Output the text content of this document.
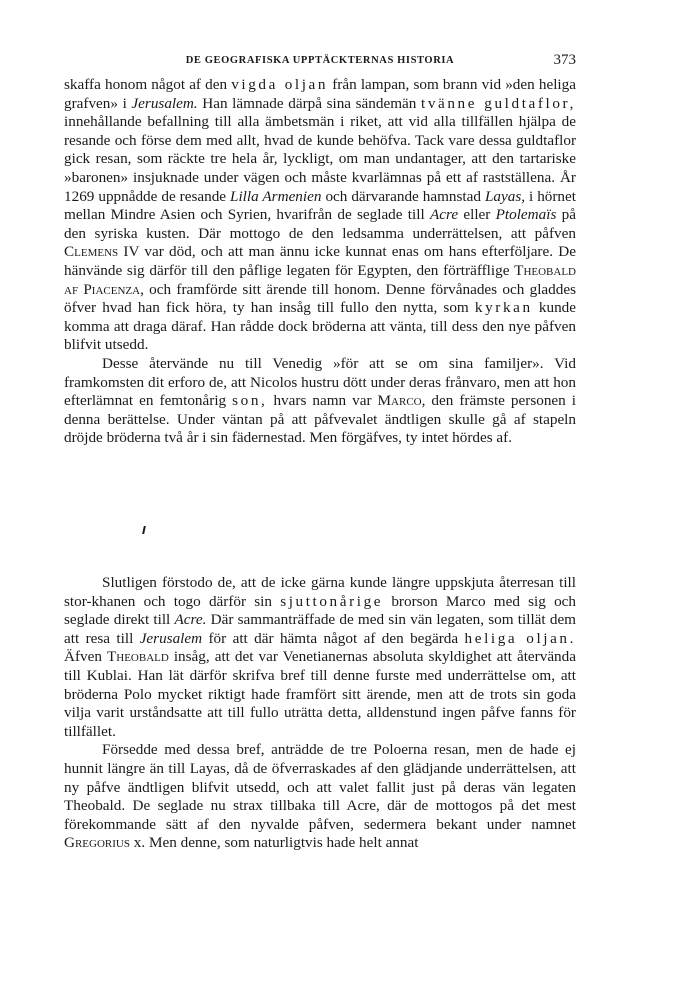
DE GEOGRAFISKA UPPTÄCKTERNAS HISTORIA	373

skaffa honom något af den vigda oljan från lampan, som brann vid »den heliga grafven» i Jerusalem. Han lämnade därpå sina sändemän tvänne guldtaflor, innehållande befallning till alla ämbetsmän i riket, att vid alla tillfällen hjälpa de resande och förse dem med allt, hvad de kunde behöfva. Tack vare dessa guldtaflor gick resan, som räckte tre hela år, lyckligt, om man undantager, att den tartariske »baronen» insjuknade under vägen och måste kvarlämnas på ett af rastställena. År 1269 uppnådde de resande Lilla Armenien och därvarande hamnstad Layas, i hörnet mellan Mindre Asien och Syrien, hvarifrån de seglade till Acre eller Ptolemaïs på den syriska kusten. Där mottogo de den ledsamma underrättelsen, att påfven Clemens IV var död, och att man ännu icke kunnat enas om hans efterföljare. De hänvände sig därför till den påflige legaten för Egypten, den förträfflige Theobald af Piacenza, och framförde sitt ärende till honom. Denne förvånades och gladdes öfver hvad han fick höra, ty han insåg till fullo den nytta, som kyrkan kunde komma att draga däraf. Han rådde dock bröderna att vänta, till dess den nye påfven blifvit utsedd.

Desse återvände nu till Venedig »för att se om sina familjer». Vid framkomsten dit erforo de, att Nicolos hustru dött under deras frånvaro, men att hon efterlämnat en femtonårig son, hvars namn var Marco, den främste personen i denna berättelse. Under väntan på att påfvevalet ändtligen skulle gå af stapeln dröjde bröderna två år i sin fädernestad. Men förgäfves, ty intet hördes af.

Slutligen förstodo de, att de icke gärna kunde längre uppskjuta återresan till stor-khanen och togo därför sin sjuttonårige brorson Marco med sig och seglade direkt till Acre. Där sammanträffade de med sin vän legaten, som tillät dem att resa till Jerusalem för att där hämta något af den begärda heliga oljan. Äfven Theobald insåg, att det var Venetianernas absoluta skyldighet att återvända till Kublai. Han lät därför skrifva bref till denne furste med underrättelse om, att bröderna Polo mycket riktigt hade framfört sitt ärende, men att de trots sin goda vilja varit urståndsatte att till fullo uträtta detta, alldenstund ingen påfve fanns för tillfället.

Försedde med dessa bref, anträdde de tre Poloerna resan, men de hade ej hunnit längre än till Layas, då de öfverraskades af den glädjande underrättelsen, att ny påfve ändtligen blifvit utsedd, och att valet fallit just på deras vän legaten Theobald. De seglade nu strax tillbaka till Acre, där de mottogos på det mest förekommande sätt af den nyvalde påfven, sedermera bekant under namnet Gregorius x. Men denne, som naturligtvis hade helt annat
